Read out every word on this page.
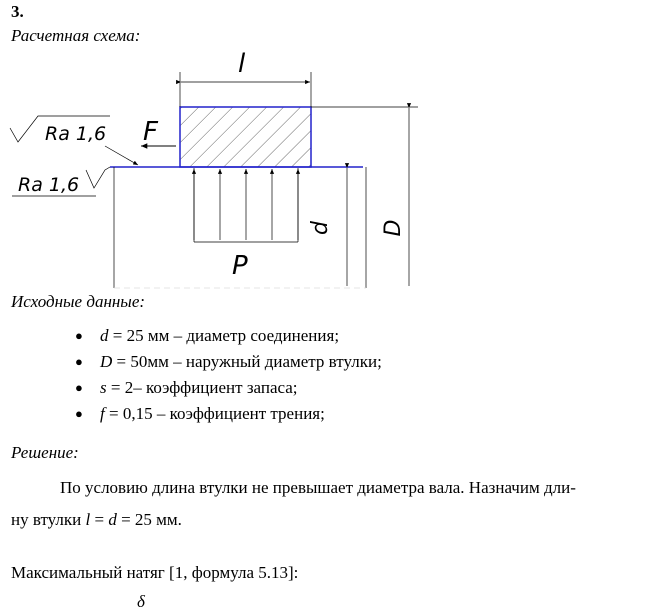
3.
Расчетная схема:
l
D
d
P
F
Ra 1,6
Ra 1,6
Исходные данные:
● d = 25 мм – диаметр соединения;
● D = 50мм – наружный диаметр втулки;
● s = 2– коэффициент запаса;
● f = 0,15 – коэффициент трения;
Решение:
По условию длина втулки не превышает диаметра вала. Назначим дли-
ну втулки l = d = 25 мм.
Максимальный натяг [1, формула 5.13]:
δ
